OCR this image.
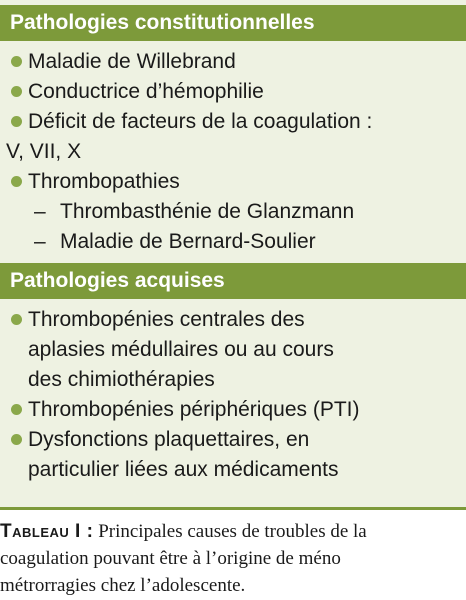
Pathologies constitutionnelles
Maladie de Willebrand
Conductrice d’hémophilie
Déficit de facteurs de la coagulation :
V, VII, X
Thrombopathies
– Thrombasthénie de Glanzmann
– Maladie de Bernard-Soulier
Pathologies acquises
Thrombopénies centrales des
aplasies médullaires ou au cours
des chimiothérapies
Thrombopénies périphériques (PTI)
Dysfonctions plaquettaires, en
particulier liées aux médicaments
Tableau I : Principales causes de troubles de la
coagulation pouvant être à l’origine de méno
métrorragies chez l’adolescente.
